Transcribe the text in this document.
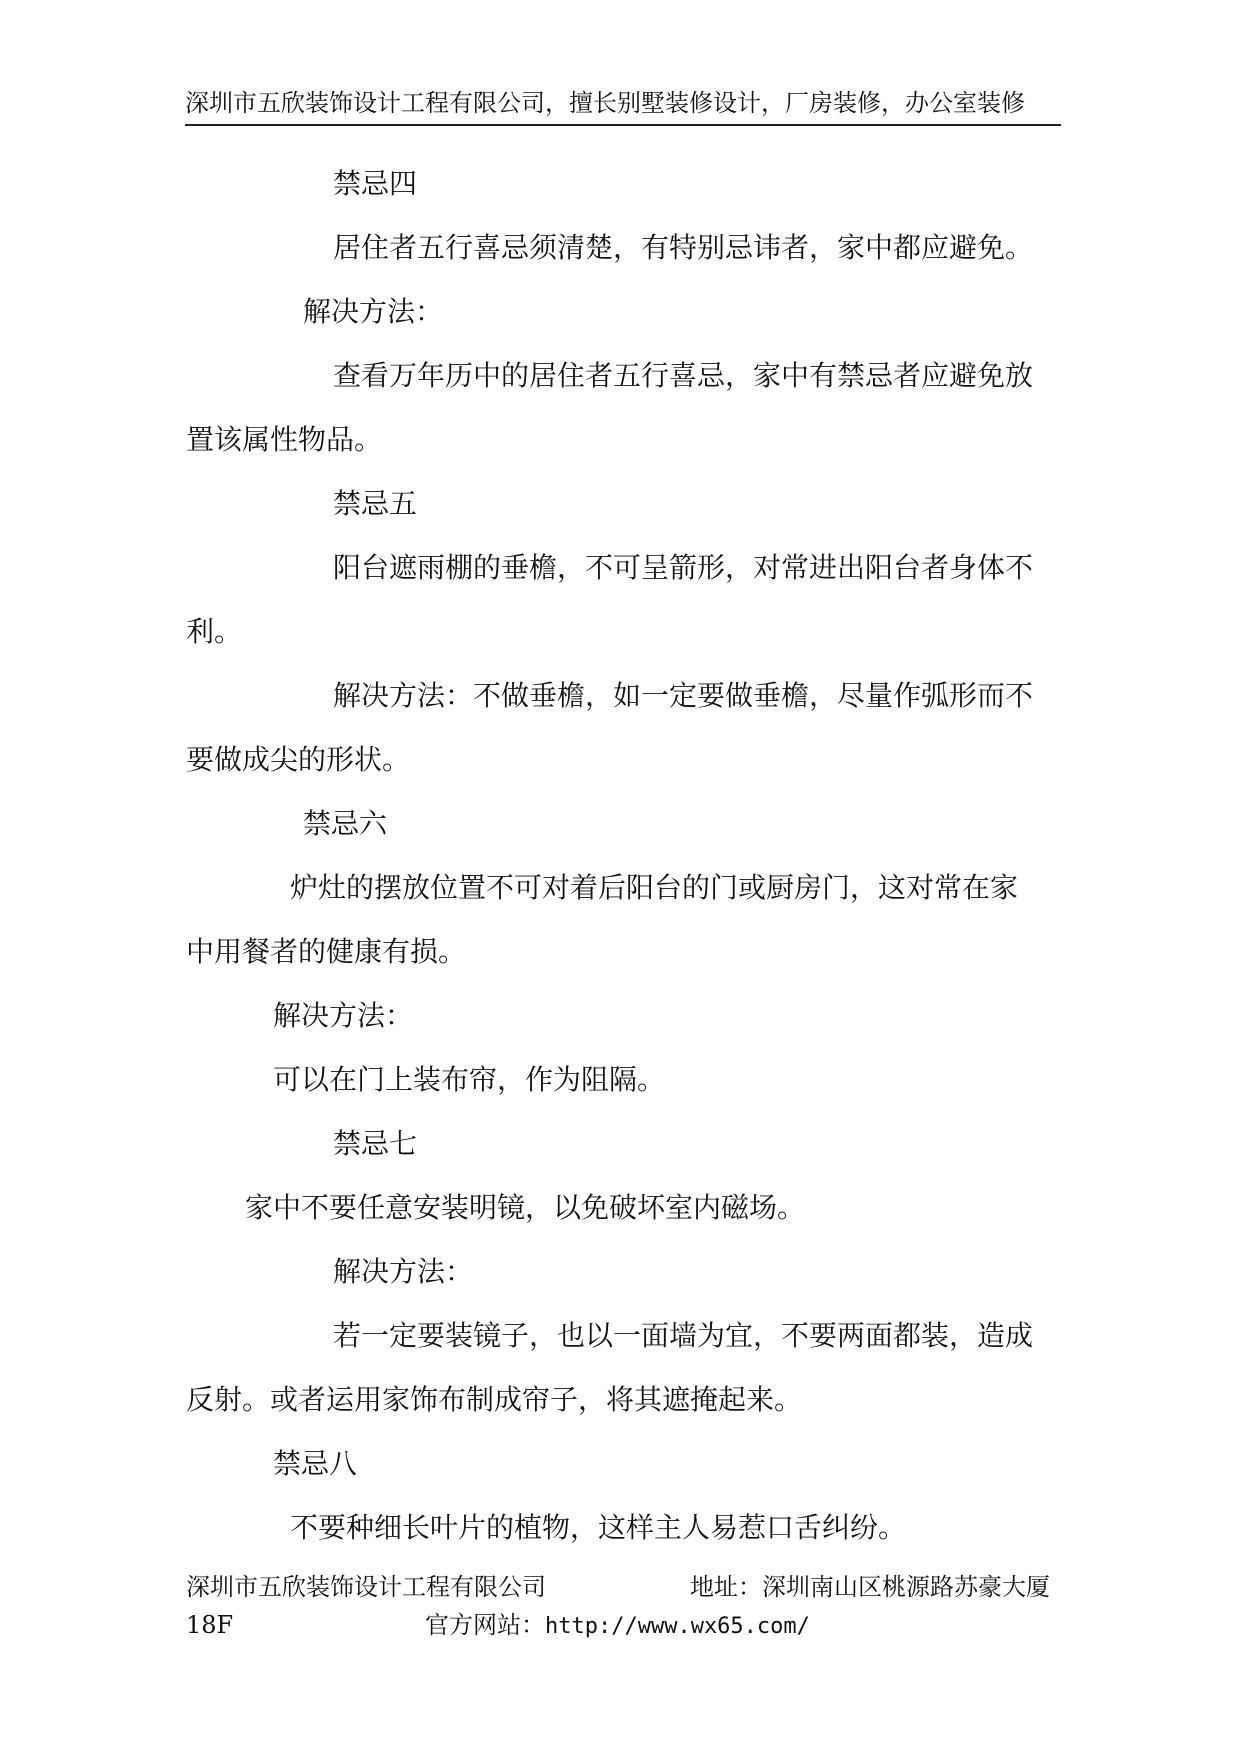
深圳市五欣装饰设计工程有限公司，擅长别墅装修设计，厂房装修，办公室装修
禁忌四
居住者五行喜忌须清楚，有特别忌讳者，家中都应避免。
解决方法：
查看万年历中的居住者五行喜忌，家中有禁忌者应避免放
置该属性物品。
禁忌五
阳台遮雨棚的垂檐，不可呈箭形，对常进出阳台者身体不
利。
解决方法：不做垂檐，如一定要做垂檐，尽量作弧形而不
要做成尖的形状。
禁忌六
炉灶的摆放位置不可对着后阳台的门或厨房门，这对常在家
中用餐者的健康有损。
解决方法：
可以在门上装布帘，作为阻隔。
禁忌七
家中不要任意安装明镜，以免破坏室内磁场。
解决方法：
若一定要装镜子，也以一面墙为宜，不要两面都装，造成
反射。或者运用家饰布制成帘子，将其遮掩起来。
禁忌八
不要种细长叶片的植物，这样主人易惹口舌纠纷。
深圳市五欣装饰设计工程有限公司	地址：深圳南山区桃源路苏豪大厦
18F	官方网站：http://www.wx65.com/
